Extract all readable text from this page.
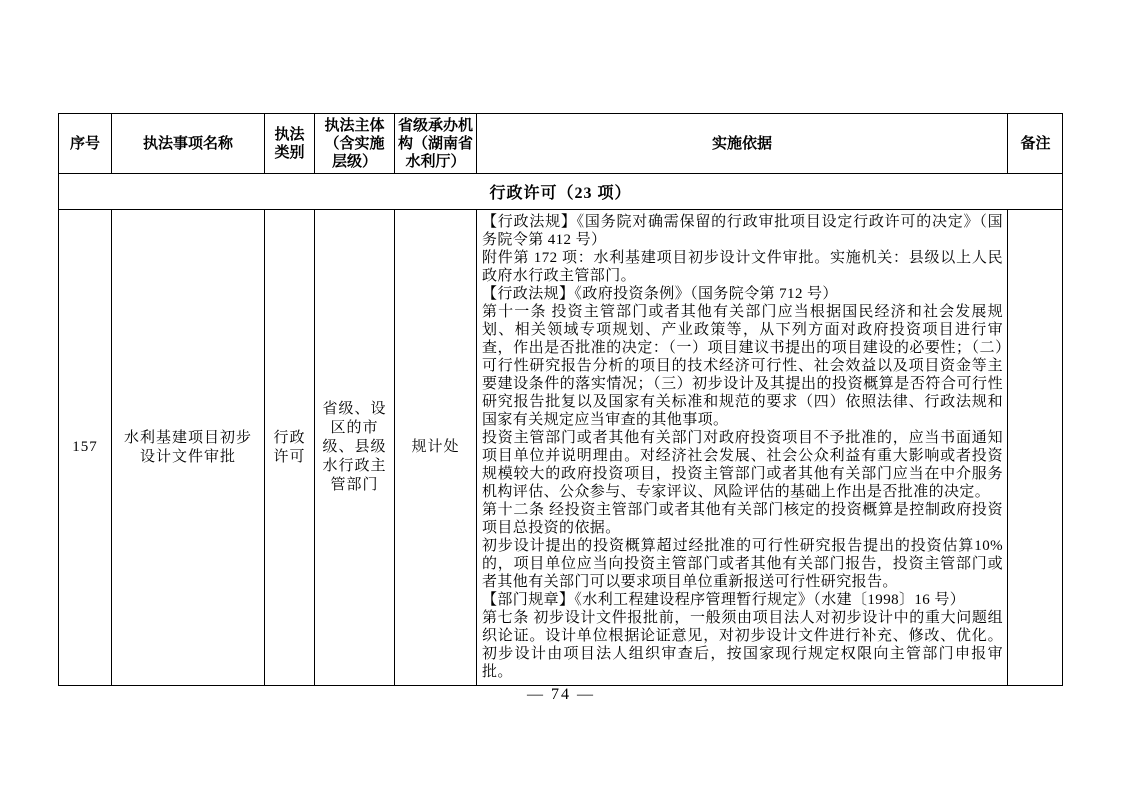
序号	执法事项名称
执法类别
执法主体（含实施层级）
省级承办机构（湖南省水利厅）
实施依据	备注
行政许可（23 项）
157
水利基建项目初步设计文件审批
行政许可
省级、设区的市级、县级水行政主管部门
规计处

【行政法规】《国务院对确需保留的行政审批项目设定行政许可的决定》（国务院令第 412 号）

附件第 172 项：水利基建项目初步设计文件审批。实施机关：县级以上人民政府水行政主管部门。

【行政法规】《政府投资条例》（国务院令第 712 号）

第十一条 投资主管部门或者其他有关部门应当根据国民经济和社会发展规划、相关领域专项规划、产业政策等，从下列方面对政府投资项目进行审查，作出是否批准的决定：（一）项目建议书提出的项目建设的必要性；（二）可行性研究报告分析的项目的技术经济可行性、社会效益以及项目资金等主要建设条件的落实情况；（三）初步设计及其提出的投资概算是否符合可行性研究报告批复以及国家有关标准和规范的要求（四）依照法律、行政法规和国家有关规定应当审查的其他事项。

投资主管部门或者其他有关部门对政府投资项目不予批准的，应当书面通知项目单位并说明理由。对经济社会发展、社会公众利益有重大影响或者投资规模较大的政府投资项目，投资主管部门或者其他有关部门应当在中介服务机构评估、公众参与、专家评议、风险评估的基础上作出是否批准的决定。

第十二条 经投资主管部门或者其他有关部门核定的投资概算是控制政府投资项目总投资的依据。

初步设计提出的投资概算超过经批准的可行性研究报告提出的投资估算10%的，项目单位应当向投资主管部门或者其他有关部门报告，投资主管部门或者其他有关部门可以要求项目单位重新报送可行性研究报告。

【部门规章】《水利工程建设程序管理暂行规定》（水建〔1998〕16 号）

第七条 初步设计文件报批前，一般须由项目法人对初步设计中的重大问题组织论证。设计单位根据论证意见，对初步设计文件进行补充、修改、优化。初步设计由项目法人组织审查后，按国家现行规定权限向主管部门申报审批。

— 74 —
